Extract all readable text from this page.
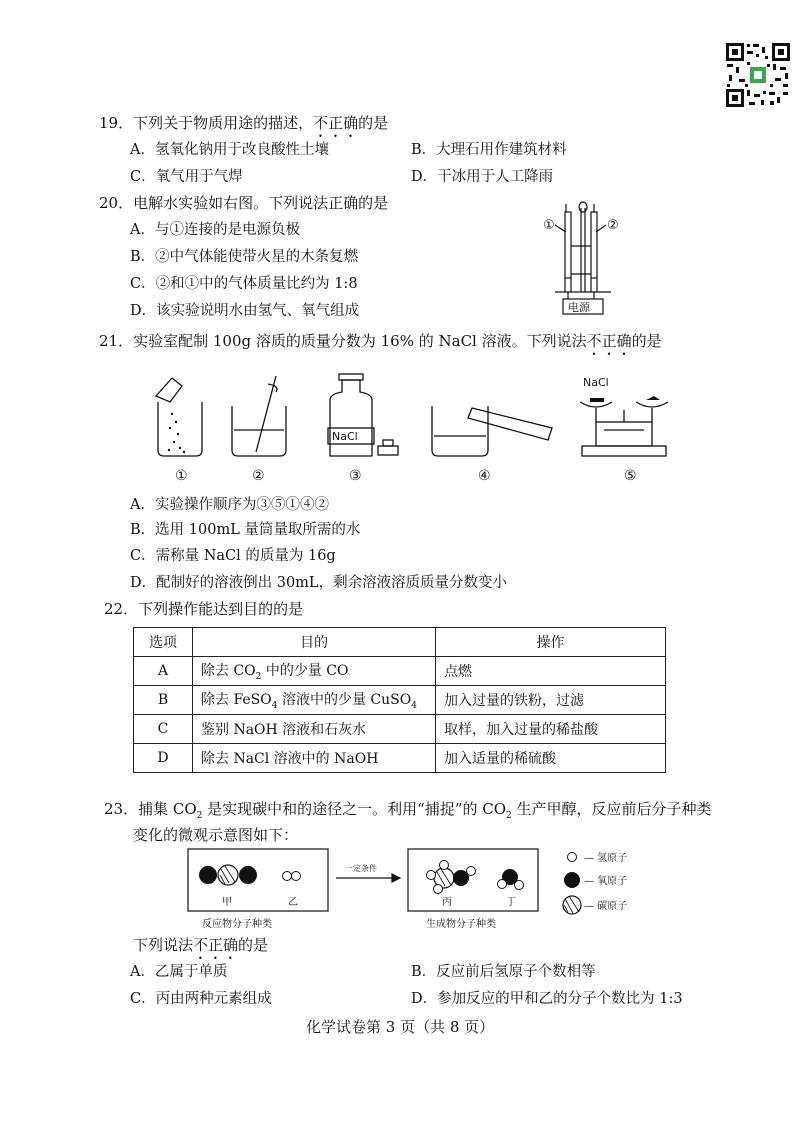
19．下列关于物质用途的描述，不正确的是
A．氢氧化钠用于改良酸性土壤	B．大理石用作建筑材料
C．氧气用于气焊	D．干冰用于人工降雨
20．电解水实验如右图。下列说法正确的是
A．与①连接的是电源负极
B．②中气体能使带火星的木条复燃
C．②和①中的气体质量比约为 1:8
D．该实验说明水由氢气、氧气组成
①	②
电源
21．实验室配制 100g 溶质的质量分数为 16% 的 NaCl 溶液。下列说法不正确的是
NaCl
NaCl
①	②	③	④	⑤
A．实验操作顺序为③⑤①④②
B．选用 100mL 量筒量取所需的水
C．需称量 NaCl 的质量为 16g
D．配制好的溶液倒出 30mL，剩余溶液溶质质量分数变小
22．下列操作能达到目的的是
选项	目的	操作
A	除去 $CO_2$ 中的少量 CO	点燃
B	除去 FeSO$_4$ 溶液中的少量 CuSO$_4$	加入过量的铁粉，过滤
C	鉴别 NaOH 溶液和石灰水	取样，加入过量的稀盐酸
D	除去 NaCl 溶液中的 NaOH	加入适量的稀硫酸
23．捕集 $CO_2$ 是实现碳中和的途径之一。利用“捕捉”的 $CO_2$ 生产甲醇，反应前后分子种类
变化的微观示意图如下：
— 氢原子
— 氧原子
— 碳原子
甲	乙	丙	丁
一定条件
反应物分子种类	生成物分子种类
下列说法不正确的是
A．乙属于单质	B．反应前后氢原子个数相等
C．丙由两种元素组成	D．参加反应的甲和乙的分子个数比为 1:3
化学试卷第 3 页（共 8 页）
